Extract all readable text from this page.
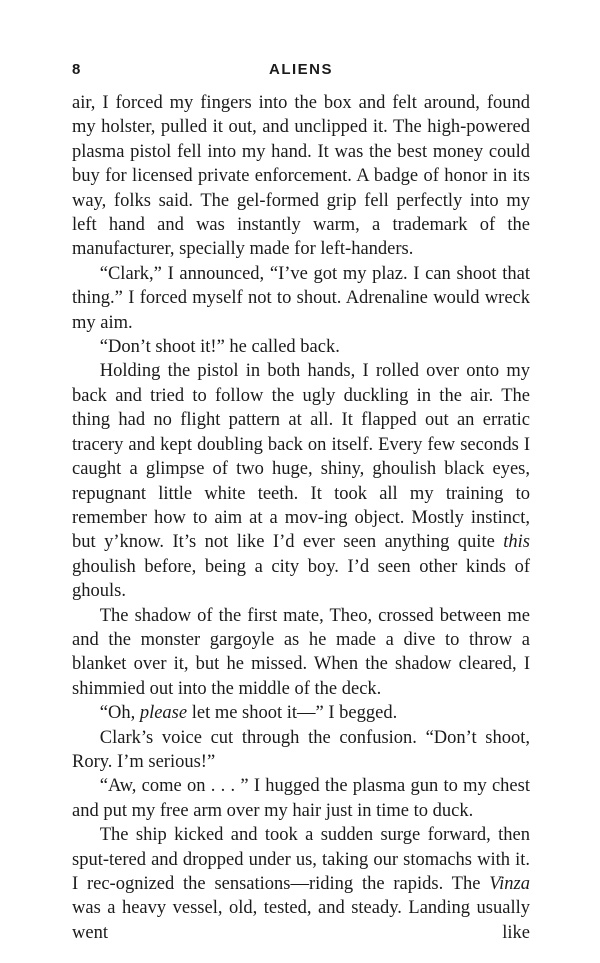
8	ALIENS

air, I forced my fingers into the box and felt around, found my holster, pulled it out, and unclipped it. The high-powered plasma pistol fell into my hand. It was the best money could buy for licensed private enforcement. A badge of honor in its way, folks said. The gel-formed grip fell perfectly into my left hand and was instantly warm, a trademark of the manufacturer, specially made for left-handers.

“Clark,” I announced, “I’ve got my plaz. I can shoot that thing.” I forced myself not to shout. Adrenaline would wreck my aim.

“Don’t shoot it!” he called back.

Holding the pistol in both hands, I rolled over onto my back and tried to follow the ugly duckling in the air. The thing had no flight pattern at all. It flapped out an erratic tracery and kept doubling back on itself. Every few seconds I caught a glimpse of two huge, shiny, ghoulish black eyes, repugnant little white teeth. It took all my training to remember how to aim at a mov-ing object. Mostly instinct, but y’know. It’s not like I’d ever seen anything quite this ghoulish before, being a city boy. I’d seen other kinds of ghouls.

The shadow of the first mate, Theo, crossed between me and the monster gargoyle as he made a dive to throw a blanket over it, but he missed. When the shadow cleared, I shimmied out into the middle of the deck.

“Oh, please let me shoot it—” I begged.

Clark’s voice cut through the confusion. “Don’t shoot, Rory. I’m serious!”

“Aw, come on . . . ” I hugged the plasma gun to my chest and put my free arm over my hair just in time to duck.

The ship kicked and took a sudden surge forward, then sput-tered and dropped under us, taking our stomachs with it. I rec-ognized the sensations—riding the rapids. The Vinza was a heavy vessel, old, tested, and steady. Landing usually went like
